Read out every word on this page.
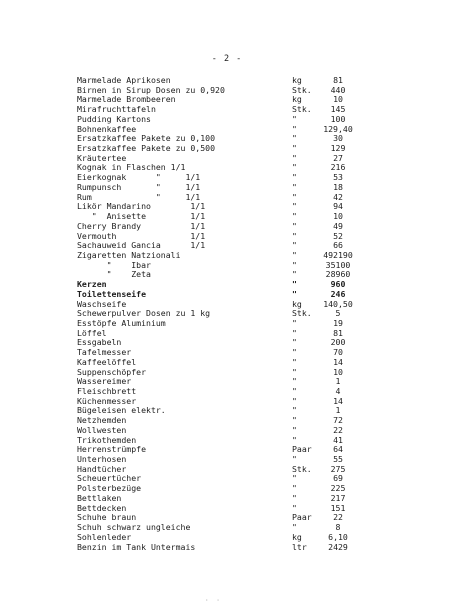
- 2 -
Marmelade Aprikosen	kg	81
Birnen in Sirup Dosen zu 0,920	Stk.	440
Marmelade Brombeeren	kg	10
Mirafruchttafeln	Stk.	145
Pudding Kartons	"	100
Bohnenkaffee	"	129,40
Ersatzkaffee Pakete zu 0,100	"	30
Ersatzkaffee Pakete zu 0,500	"	129
Kräutertee	"	27
Kognak in Flaschen 1/1	"	216
Eierkognak      "     1/1	"	53
Rumpunsch       "     1/1	"	18
Rum             "     1/1	"	42
Likör Mandarino        1/1	"	94
"  Anisette         1/1	"	10
Cherry Brandy          1/1	"	49
Vermouth               1/1	"	52
Sachauweid Gancia      1/1	"	66
Zigaretten Natzionali	"	492190
"    Ibar	"	35100
"    Zeta	"	28960
Kerzen	"	960
Toilettenseife	"	246
Waschseife	kg	140,50
Schewerpulver Dosen zu 1 kg	Stk.	5
Esstöpfe Aluminium	"	19
Löffel	"	81
Essgabeln	"	200
Tafelmesser	"	70
Kaffeelöffel	"	14
Suppenschöpfer	"	10
Wassereimer	"	1
Fleischbrett	"	4
Küchenmesser	"	14
Bügeleisen elektr.	"	1
Netzhemden	"	72
Wollwesten	"	22
Trikothemden	"	41
Herrenstrümpfe	Paar	64
Unterhosen	"	55
Handtücher	Stk.	275
Scheuertücher	"	69
Polsterbezüge	"	225
Bettlaken	"	217
Bettdecken	"	151
Schuhe braun	Paar	22
Schuh schwarz ungleiche	"	8
Sohlenleder	kg	6,10
Benzin im Tank Untermais	ltr	2429
· ·
